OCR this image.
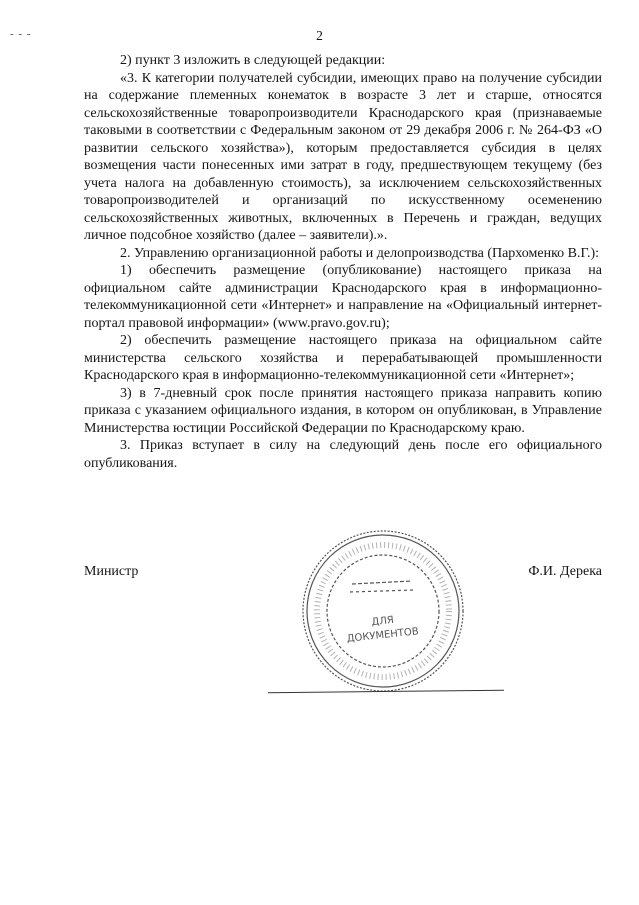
- - -	2

2) пункт 3 изложить в следующей редакции:

«3. К категории получателей субсидии, имеющих право на получение субсидии на содержание племенных конематок в возрасте 3 лет и старше, относятся сельскохозяйственные товаропроизводители Краснодарского края (признаваемые таковыми в соответствии с Федеральным законом от 29 декабря 2006 г. № 264-ФЗ «О развитии сельского хозяйства»), которым предоставляется субсидия в целях возмещения части понесенных ими затрат в году, предшествующем текущему (без учета налога на добавленную стоимость), за исключением сельскохозяйственных товаропроизводителей и организаций по искусственному осеменению сельскохозяйственных животных, включенных в Перечень и граждан, ведущих личное подсобное хозяйство (далее – заявители).».

2. Управлению организационной работы и делопроизводства (Пархоменко В.Г.):

1) обеспечить размещение (опубликование) настоящего приказа на официальном сайте администрации Краснодарского края в информационно-телекоммуникационной сети «Интернет» и направление на «Официальный интернет-портал правовой информации» (www.pravo.gov.ru);

2) обеспечить размещение настоящего приказа на официальном сайте министерства сельского хозяйства и перерабатывающей промышленности Краснодарского края в информационно-телекоммуникационной сети «Интернет»;

3) в 7-дневный срок после принятия настоящего приказа направить копию приказа с указанием официального издания, в котором он опубликован, в Управление Министерства юстиции Российской Федерации по Краснодарскому краю.

3. Приказ вступает в силу на следующий день после его официального опубликования.

Министр	Ф.И. Дерека
ДЛЯ
ДОКУМЕНТОВ
